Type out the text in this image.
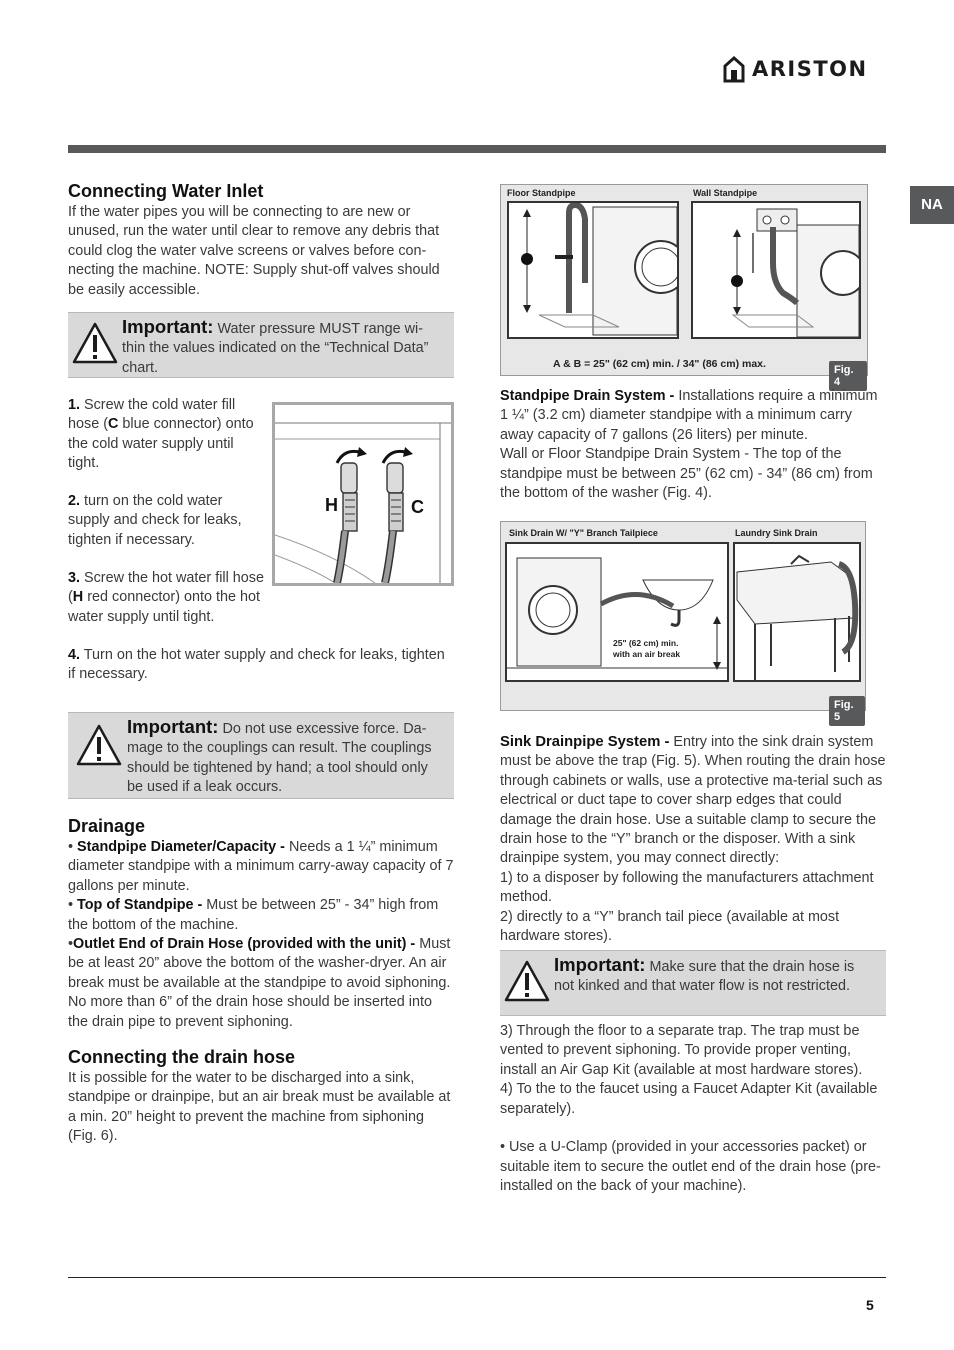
ARISTON
NA
Connecting Water Inlet

If the water pipes you will be connecting to are new or unused, run the water until clear to remove any debris that could clog the water valve screens or valves before con-necting the machine. NOTE: Supply shut-off valves should be easily accessible.

Important: Water pressure MUST range wi-thin the values indicated on the “Technical Data” chart.
1. Screw the cold water fill hose (C blue connector) onto the cold water supply until tight.
2. turn on the cold water supply and check for leaks, tighten if necessary.
3. Screw the hot water fill hose (H red connector) onto the hot water supply until tight.
4. Turn on the hot water supply and check for leaks, tighten if necessary.
H	C
Important: Do not use excessive force. Da-mage to the couplings can result. The couplings should be tightened by hand; a tool should only be used if a leak occurs.
Drainage
• Standpipe Diameter/Capacity - Needs a 1 ¼” minimum diameter standpipe with a minimum carry-away capacity of 7 gallons per minute.
• Top of Standpipe - Must be between 25” - 34” high from the bottom of the machine.
•Outlet End of Drain Hose (provided with the unit) - Must be at least 20” above the bottom of the washer-dryer. An air break must be available at the standpipe to avoid siphoning. No more than 6” of the drain hose should be inserted into the drain pipe to prevent siphoning.
Connecting the drain hose

It is possible for the water to be discharged into a sink, standpipe or drainpipe, but an air break must be available at a min. 20” height to prevent the machine from siphoning (Fig. 6).

Floor Standpipe	Wall Standpipe
A & B = 25" (62 cm) min. / 34" (86 cm) max.	Fig. 4
Standpipe Drain System - Installations require a minimum 1 ¼” (3.2 cm) diameter standpipe with a minimum carry away capacity of 7 gallons (26 liters) per minute.
Wall or Floor Standpipe Drain System - The top of the standpipe must be between 25” (62 cm) - 34” (86 cm) from the bottom of the washer (Fig. 4).
Sink Drain W/ "Y" Branch Tailpiece	Laundry Sink Drain
25" (62 cm) min.
with an air break
Fig. 5
Sink Drainpipe System - Entry into the sink drain system must be above the trap (Fig. 5). When routing the drain hose through cabinets or walls, use a protective ma-terial such as electrical or duct tape to cover sharp edges that could damage the drain hose. Use a suitable clamp to secure the drain hose to the “Y” branch or the disposer. With a sink drainpipe system, you may connect directly:
1) to a disposer by following the manufacturers attachment method.
2) directly to a “Y” branch tail piece (available at most hardware stores).
Important: Make sure that the drain hose is not kinked and that water flow is not restricted.
3) Through the floor to a separate trap. The trap must be vented to prevent siphoning. To provide proper venting, install an Air Gap Kit (available at most hardware stores).
4) To the to the faucet using a Faucet Adapter Kit (available separately).
• Use a U-Clamp (provided in your accessories packet) or suitable item to secure the outlet end of the drain hose (pre-installed on the back of your machine).
5
